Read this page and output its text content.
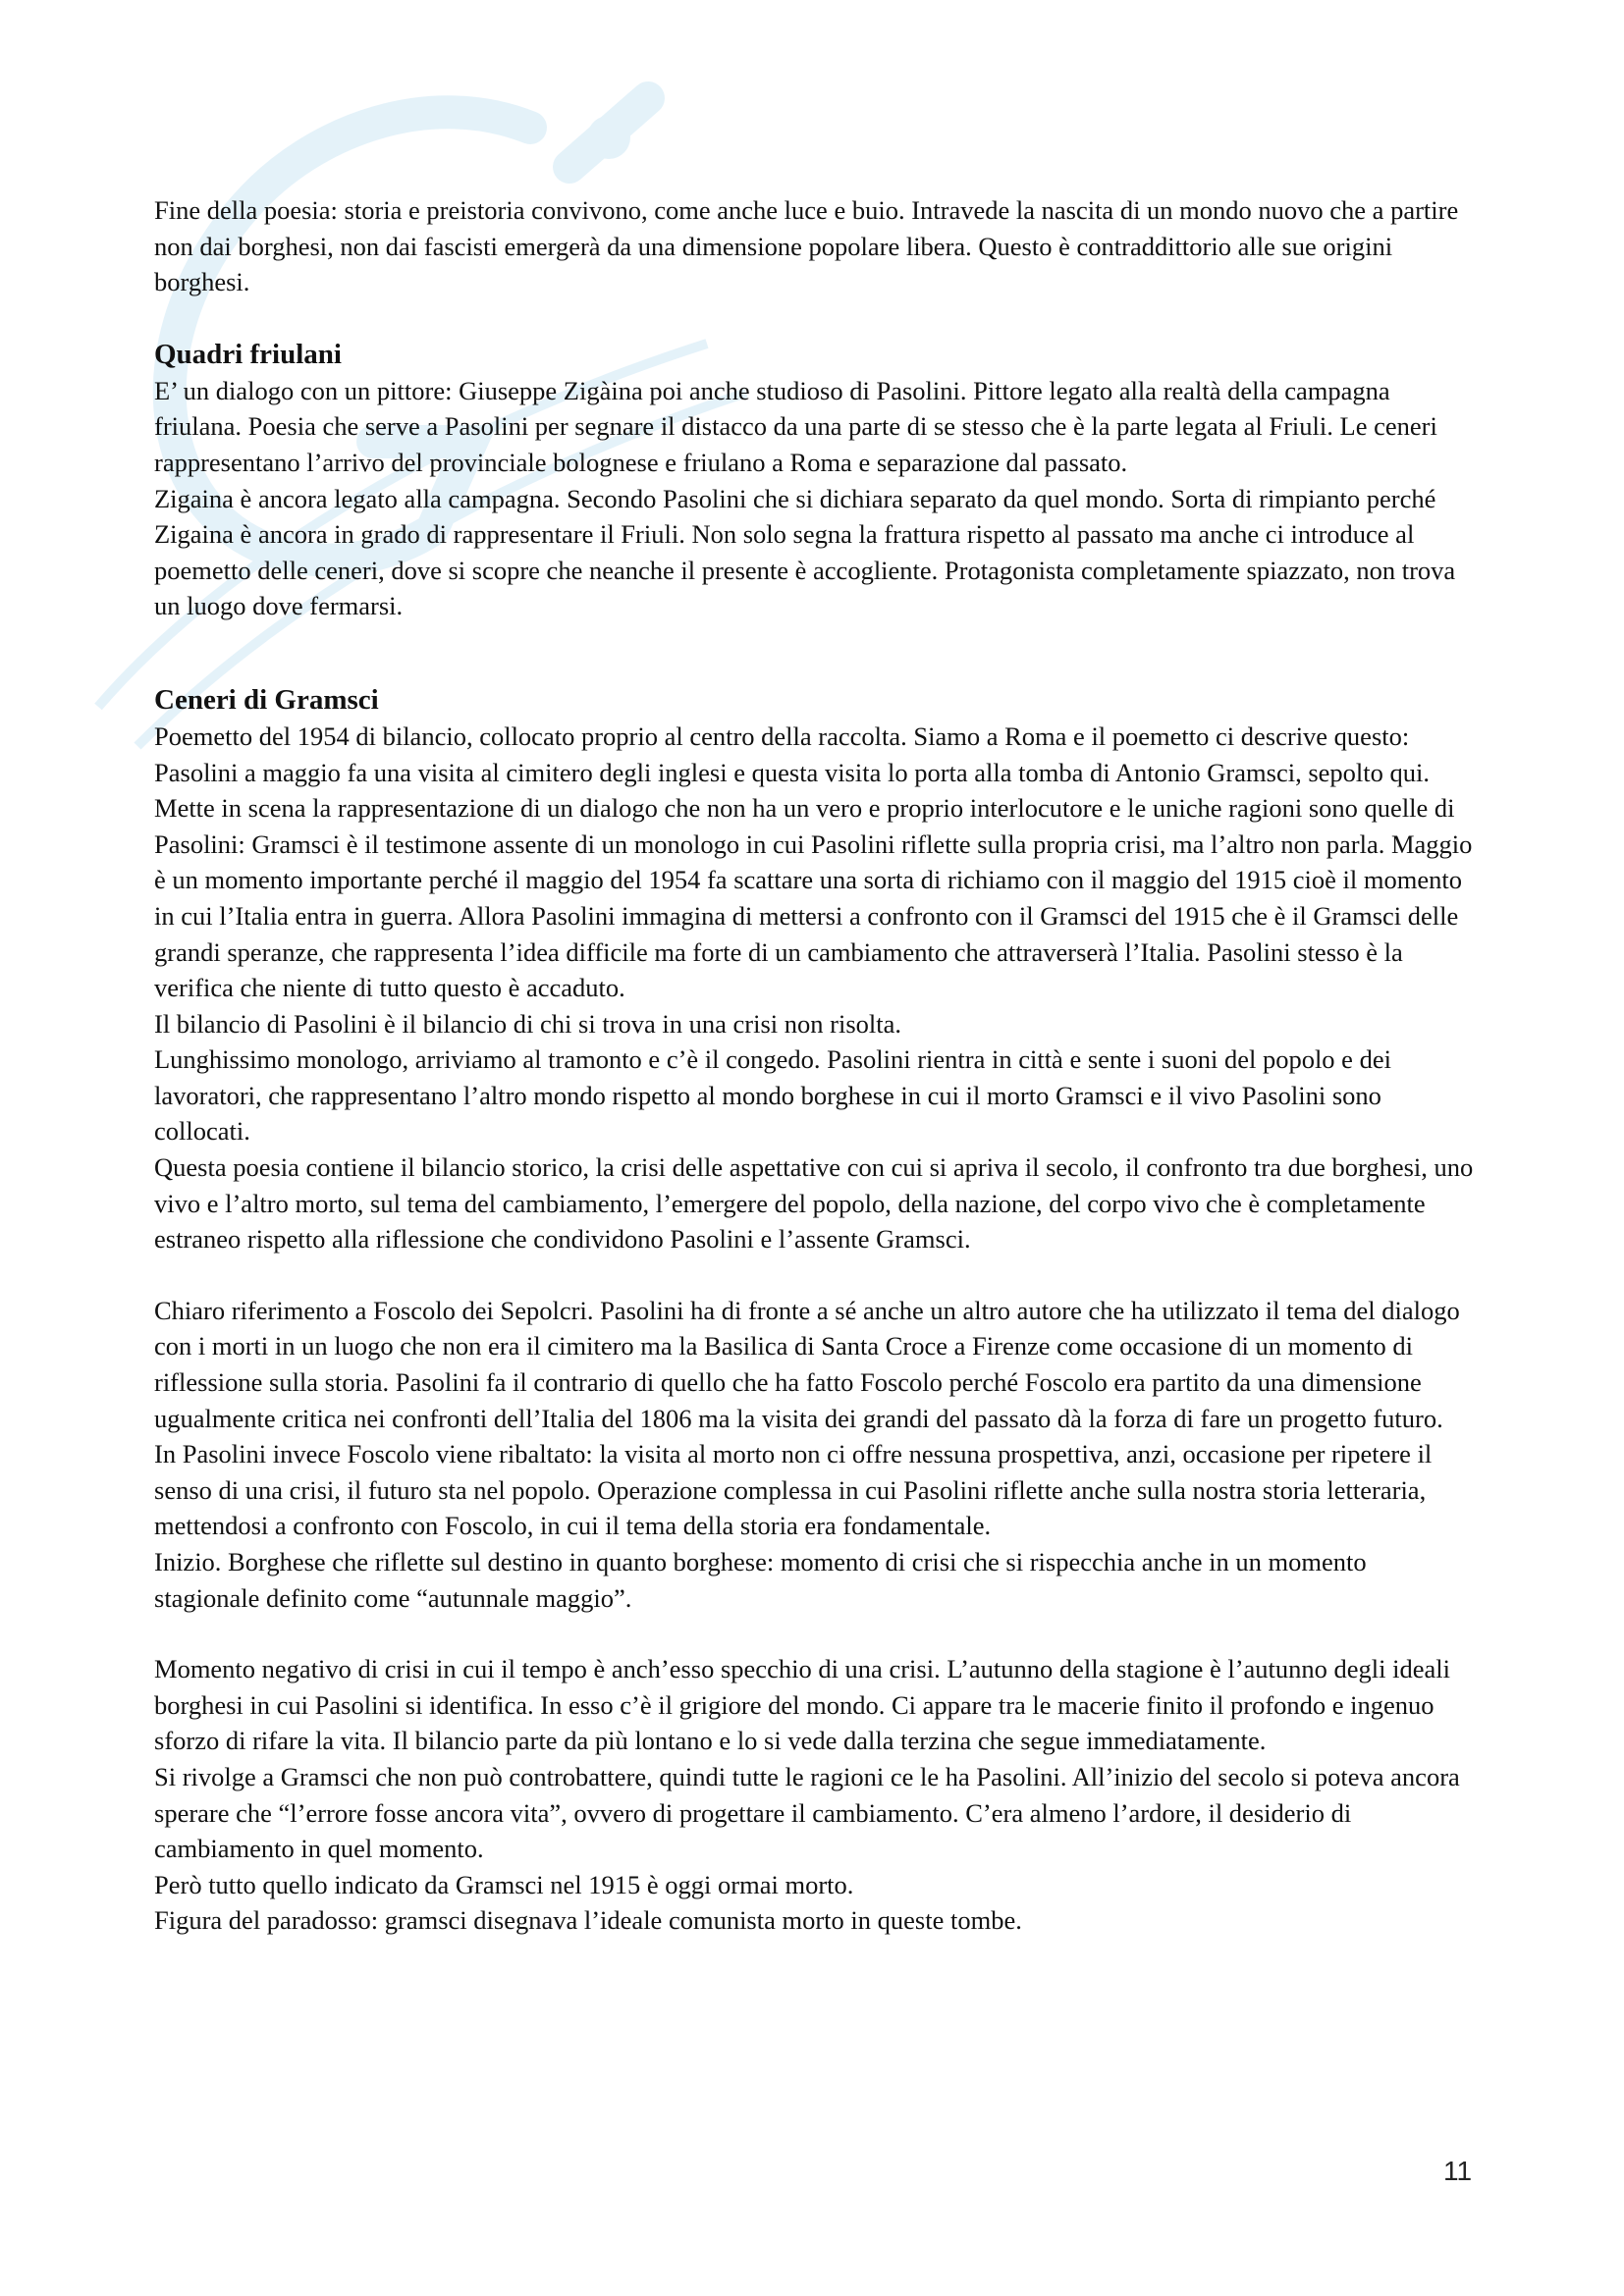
Fine della poesia: storia e preistoria convivono, come anche luce e buio. Intravede la nascita di un mondo nuovo che a partire non dai borghesi, non dai fascisti emergerà da una dimensione popolare libera. Questo è contraddittorio alle sue origini borghesi.

Quadri friulani

E’ un dialogo con un pittore: Giuseppe Zigàina poi anche studioso di Pasolini. Pittore legato alla realtà della campagna friulana. Poesia che serve a Pasolini per segnare il distacco da una parte di se stesso che è la parte legata al Friuli. Le ceneri rappresentano l’arrivo del provinciale bolognese e friulano a Roma e separazione dal passato.

Zigaina è ancora legato alla campagna. Secondo Pasolini che si dichiara separato da quel mondo. Sorta di rimpianto perché Zigaina è ancora in grado di rappresentare il Friuli. Non solo segna la frattura rispetto al passato ma anche ci introduce al poemetto delle ceneri, dove si scopre che neanche il presente è accogliente. Protagonista completamente spiazzato, non trova un luogo dove fermarsi.

Ceneri di Gramsci

Poemetto del 1954 di bilancio, collocato proprio al centro della raccolta. Siamo a Roma e il poemetto ci descrive questo: Pasolini a maggio fa una visita al cimitero degli inglesi e questa visita lo porta alla tomba di Antonio Gramsci, sepolto qui. Mette in scena la rappresentazione di un dialogo che non ha un vero e proprio interlocutore e le uniche ragioni sono quelle di Pasolini: Gramsci è il testimone assente di un monologo in cui Pasolini riflette sulla propria crisi, ma l’altro non parla. Maggio è un momento importante perché il maggio del 1954 fa scattare una sorta di richiamo con il maggio del 1915 cioè il momento in cui l’Italia entra in guerra. Allora Pasolini immagina di mettersi a confronto con il Gramsci del 1915 che è il Gramsci delle grandi speranze, che rappresenta l’idea difficile ma forte di un cambiamento che attraverserà l’Italia. Pasolini stesso è la verifica che niente di tutto questo è accaduto.

Il bilancio di Pasolini è il bilancio di chi si trova in una crisi non risolta.

Lunghissimo monologo, arriviamo al tramonto e c’è il congedo. Pasolini rientra in città e sente i suoni del popolo e dei lavoratori, che rappresentano l’altro mondo rispetto al mondo borghese in cui il morto Gramsci e il vivo Pasolini sono collocati.

Questa poesia contiene il bilancio storico, la crisi delle aspettative con cui si apriva il secolo, il confronto tra due borghesi, uno vivo e l’altro morto, sul tema del cambiamento, l’emergere del popolo, della nazione, del corpo vivo che è completamente estraneo rispetto alla riflessione che condividono Pasolini e l’assente Gramsci.

Chiaro riferimento a Foscolo dei Sepolcri. Pasolini ha di fronte a sé anche un altro autore che ha utilizzato il tema del dialogo con i morti in un luogo che non era il cimitero ma la Basilica di Santa Croce a Firenze come occasione di un momento di riflessione sulla storia. Pasolini fa il contrario di quello che ha fatto Foscolo perché Foscolo era partito da una dimensione ugualmente critica nei confronti dell’Italia del 1806 ma la visita dei grandi del passato dà la forza di fare un progetto futuro.

In Pasolini invece Foscolo viene ribaltato: la visita al morto non ci offre nessuna prospettiva, anzi, occasione per ripetere il senso di una crisi, il futuro sta nel popolo. Operazione complessa in cui Pasolini riflette anche sulla nostra storia letteraria, mettendosi a confronto con Foscolo, in cui il tema della storia era fondamentale.

Inizio. Borghese che riflette sul destino in quanto borghese: momento di crisi che si rispecchia anche in un momento stagionale definito come “autunnale maggio”.

Momento negativo di crisi in cui il tempo è anch’esso specchio di una crisi. L’autunno della stagione è l’autunno degli ideali borghesi in cui Pasolini si identifica. In esso c’è il grigiore del mondo. Ci appare tra le macerie finito il profondo e ingenuo sforzo di rifare la vita. Il bilancio parte da più lontano e lo si vede dalla terzina che segue immediatamente.

Si rivolge a Gramsci che non può controbattere, quindi tutte le ragioni ce le ha Pasolini. All’inizio del secolo si poteva ancora sperare che “l’errore fosse ancora vita”, ovvero di progettare il cambiamento. C’era almeno l’ardore, il desiderio di cambiamento in quel momento.

Però tutto quello indicato da Gramsci nel 1915 è oggi ormai morto.

Figura del paradosso: gramsci disegnava l’ideale comunista morto in queste tombe.

11
